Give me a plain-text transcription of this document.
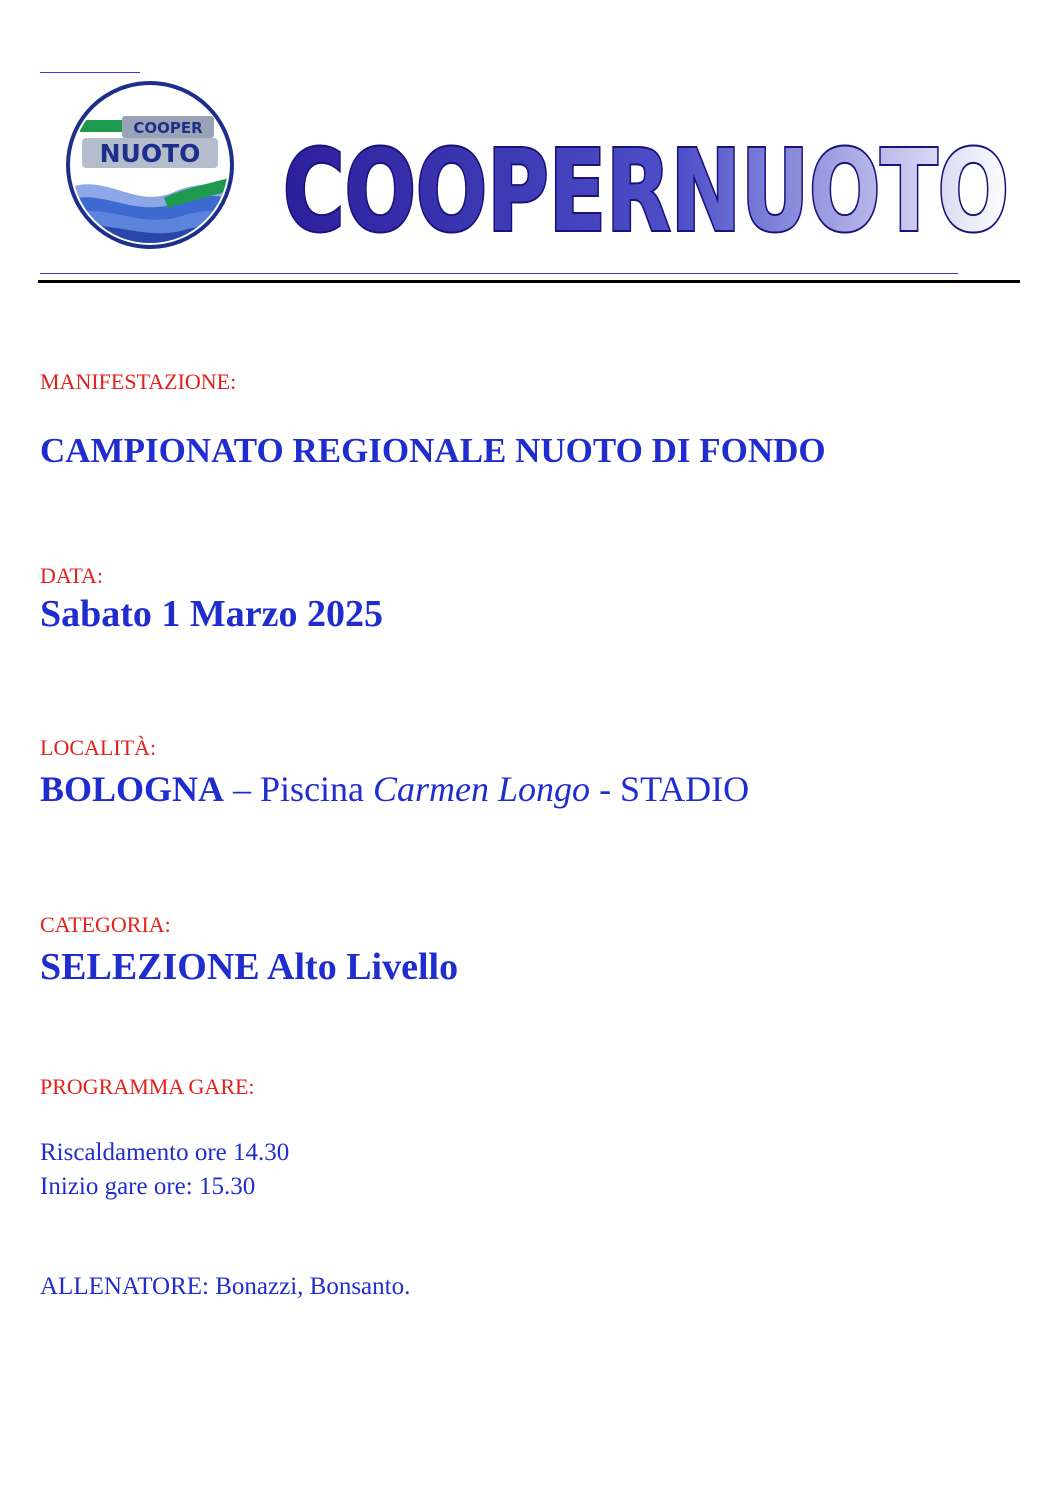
COOPER
NUOTO COOPERNUOTO
MANIFESTAZIONE:
CAMPIONATO REGIONALE NUOTO DI FONDO
DATA:
Sabato 1 Marzo 2025
LOCALITÀ:
BOLOGNA – Piscina Carmen Longo - STADIO
CATEGORIA:
SELEZIONE Alto Livello
PROGRAMMA GARE:
Riscaldamento ore 14.30
Inizio gare ore: 15.30
ALLENATORE: Bonazzi, Bonsanto.
